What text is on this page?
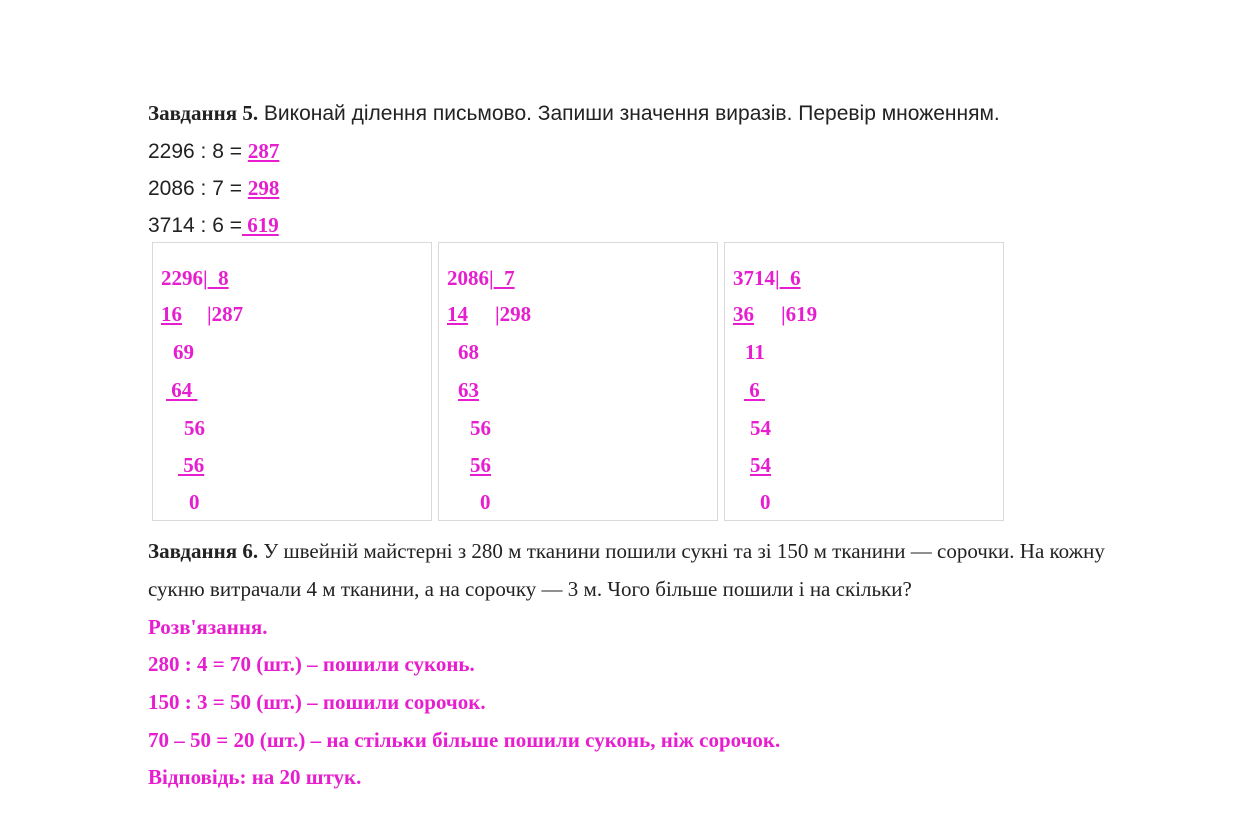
Завдання 5. Виконай ділення письмово. Запиши значення виразів. Перевір множенням.
2296 : 8 = 287
2086 : 7 = 298
3714 : 6 = 619
2296|  8
16 |287
69
64
56
56
0
2086|  7
14 |298
68
63
56
56
0
3714|  6
36 |619
11
6
54
54
0
Завдання 6. У швейній майстерні з 280 м тканини пошили сукні та зі 150 м тканини — сорочки. На кожну
сукню витрачали 4 м тканини, а на сорочку — 3 м. Чого більше пошили і на скільки?
Розв'язання.
280 : 4 = 70 (шт.) – пошили суконь.
150 : 3 = 50 (шт.) – пошили сорочок.
70 – 50 = 20 (шт.) – на стільки більше пошили суконь, ніж сорочок.
Відповідь: на 20 штук.
